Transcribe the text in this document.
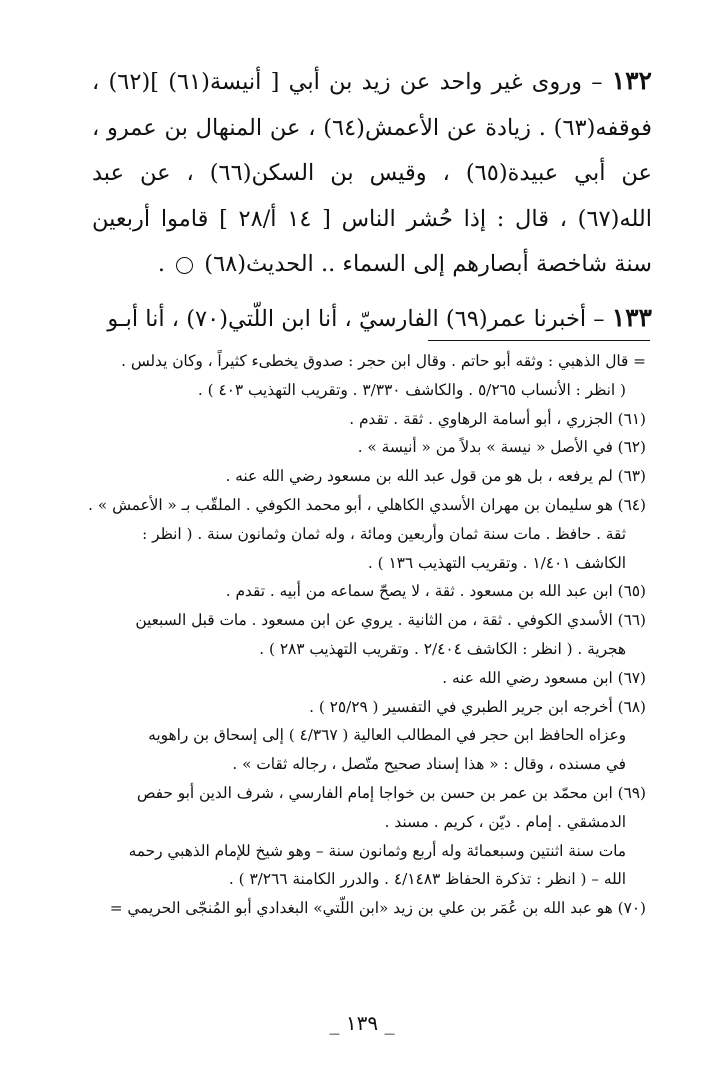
١٣٢ – وروى غير واحد عن زيد بن أبي [ أنيسة(٦١) ](٦٢) ، فوقفه(٦٣) . زيادة عن الأعمش(٦٤) ، عن المنهال بن عمرو ، عن أبي عبيدة(٦٥) ، وقيس بن السكن(٦٦) ، عن عبد الله(٦٧) ، قال : إذا حُشر الناس [ ١٤ أ/٢٨ ] قاموا أربعين سنة شاخصة أبصارهم إلى السماء .. الحديث(٦٨)  .

١٣٣ – أخبرنا عمر(٦٩) الفارسيّ ، أنا ابن اللّتي(٧٠) ، أنا أبـو

= قال الذهبي : وثقه أبو حاتم . وقال ابن حجر : صدوق يخطىء كثيراً ، وكان يدلس .

( انظر : الأنساب ٥/٢٦٥ . والكاشف ٣/٣٣٠ . وتقريب التهذيب ٤٠٣ ) .

(٦١) الجزري ، أبو أسامة الرهاوي . ثقة . تقدم .

(٦٢) في الأصل « نيسة » بدلاً من « أنيسة » .

(٦٣) لم يرفعه ، بل هو من قول عبد الله بن مسعود رضي الله عنه .

(٦٤) هو سليمان بن مهران الأسدي الكاهلي ، أبو محمد الكوفي . الملقّب بـ « الأعمش » .

ثقة . حافظ . مات سنة ثمان وأربعين ومائة ، وله ثمان وثمانون سنة . ( انظر :

الكاشف ١/٤٠١ . وتقريب التهذيب ١٣٦ ) .

(٦٥) ابن عبد الله بن مسعود . ثقة ، لا يصحّ سماعه من أبيه . تقدم .

(٦٦) الأسدي الكوفي . ثقة ، من الثانية . يروي عن ابن مسعود . مات قبل السبعين

هجرية . ( انظر : الكاشف ٢/٤٠٤ . وتقريب التهذيب ٢٨٣ ) .

(٦٧) ابن مسعود رضي الله عنه .

(٦٨) أخرجه ابن جرير الطبري في التفسير ( ٢٥/٢٩ ) .

وعزاه الحافظ ابن حجر في المطالب العالية ( ٤/٣٦٧ ) إلى إسحاق بن راهويه

في مسنده ، وقال : « هذا إسناد صحيح متّصل ، رجاله ثقات » .

(٦٩) ابن محمّد بن عمر بن حسن بن خواجا إمام الفارسي ، شرف الدين أبو حفص

الدمشقي . إمام . ديّن ، كريم . مسند .

مات سنة اثنتين وسبعمائة وله أربع وثمانون سنة – وهو شيخ للإمام الذهبي رحمه

الله – ( انظر : تذكرة الحفاظ ٤/١٤٨٣ . والدرر الكامنة ٣/٢٦٦ ) .

(٧٠) هو عبد الله بن عُمَر بن علي بن زيد «ابن اللّتي» البغدادي أبو المُنجّى الحريمي =

_ ١٣٩ _
